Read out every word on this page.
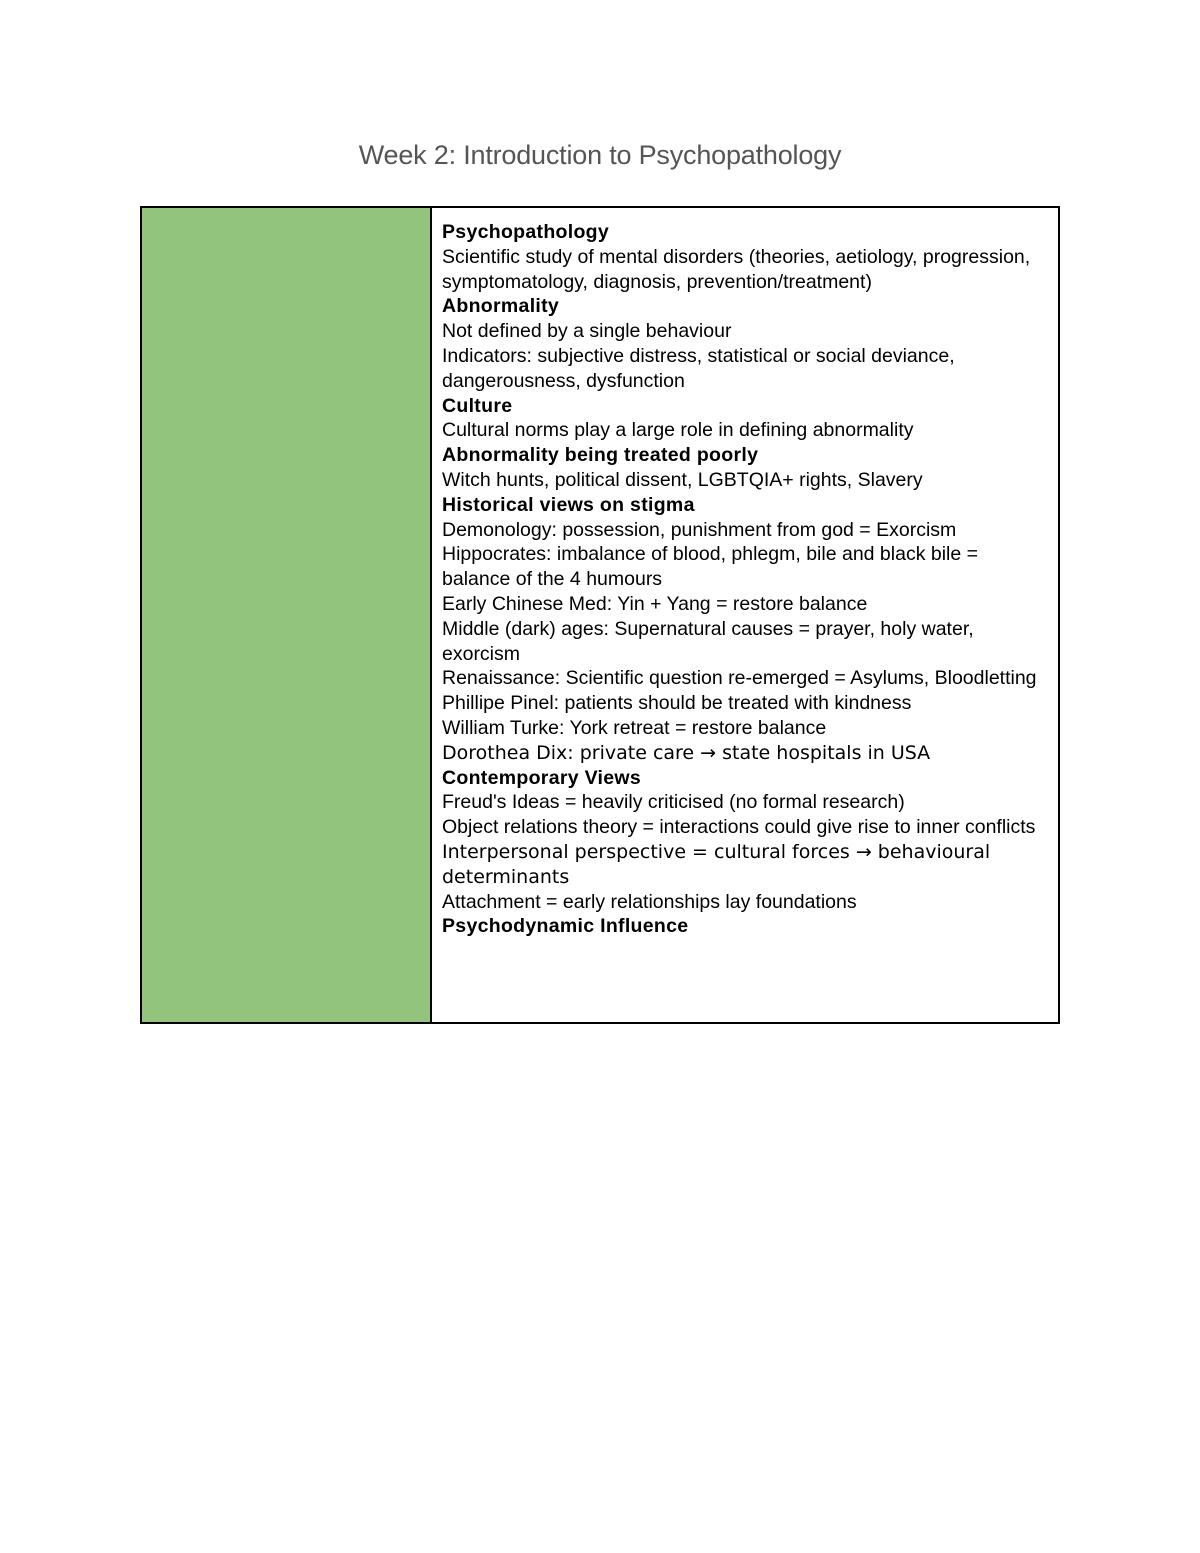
Week 2: Introduction to Psychopathology
Psychopathology
Scientific study of mental disorders (theories, aetiology, progression, symptomatology, diagnosis, prevention/treatment)
Abnormality
Not defined by a single behaviour
Indicators: subjective distress, statistical or social deviance, dangerousness, dysfunction
Culture
Cultural norms play a large role in defining abnormality
Abnormality being treated poorly
Witch hunts, political dissent, LGBTQIA+ rights, Slavery
Historical views on stigma
Demonology: possession, punishment from god = Exorcism
Hippocrates: imbalance of blood, phlegm, bile and black bile = balance of the 4 humours
Early Chinese Med: Yin + Yang = restore balance
Middle (dark) ages: Supernatural causes = prayer, holy water, exorcism
Renaissance: Scientific question re-emerged = Asylums, Bloodletting
Phillipe Pinel: patients should be treated with kindness
William Turke: York retreat = restore balance
Dorothea Dix: private care → state hospitals in USA
Contemporary Views
Freud's Ideas = heavily criticised (no formal research)
Object relations theory = interactions could give rise to inner conflicts
Interpersonal perspective = cultural forces → behavioural determinants
Attachment = early relationships lay foundations
Psychodynamic Influence
